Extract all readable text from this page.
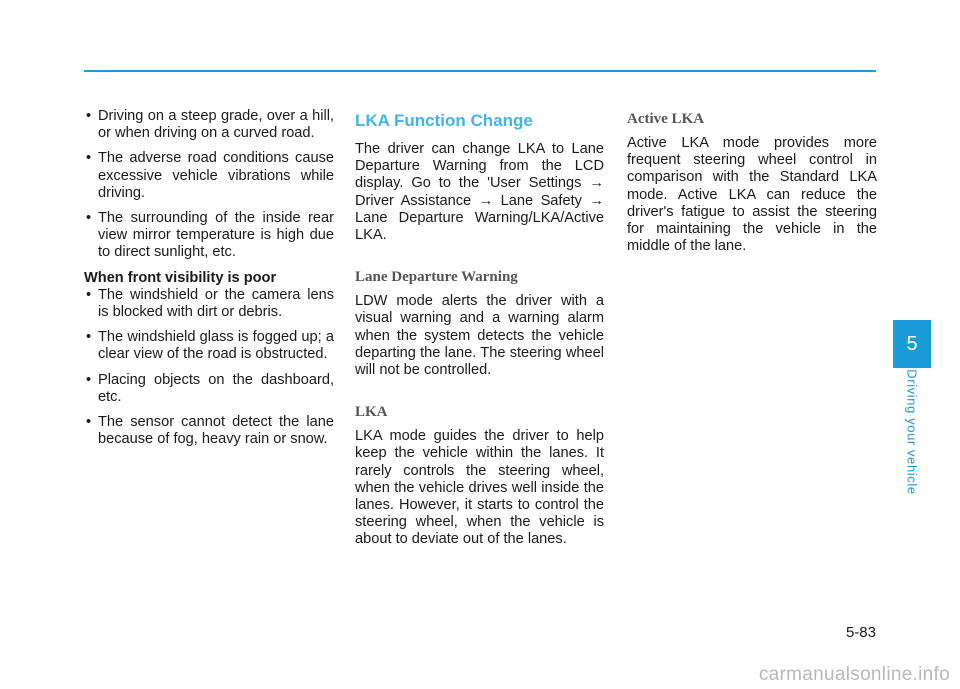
• Driving on a steep grade, over a hill, or when driving on a curved road.
• The adverse road conditions cause excessive vehicle vibrations while driving.
• The surrounding of the inside rear view mirror temperature is high due to direct sunlight, etc.

When front visibility is poor

• The windshield or the camera lens is blocked with dirt or debris.
• The windshield glass is fogged up; a clear view of the road is obstructed.
• Placing objects on the dashboard, etc.
• The sensor cannot detect the lane because of fog, heavy rain or snow.
LKA Function Change

The driver can change LKA to Lane Departure Warning from the LCD display. Go to the 'User Settings → Driver Assistance → Lane Safety → Lane Departure Warning/LKA/Active LKA.

Lane Departure Warning

LDW mode alerts the driver with a visual warning and a warning alarm when the system detects the vehicle departing the lane. The steering wheel will not be controlled.

LKA

LKA mode guides the driver to help keep the vehicle within the lanes. It rarely controls the steering wheel, when the vehicle drives well inside the lanes. However, it starts to control the steering wheel, when the vehicle is about to deviate out of the lanes.

Active LKA

Active LKA mode provides more frequent steering wheel control in comparison with the Standard LKA mode. Active LKA can reduce the driver's fatigue to assist the steering for maintaining the vehicle in the middle of the lane.

5
Driving your vehicle
5-83
carmanualsonline.info
